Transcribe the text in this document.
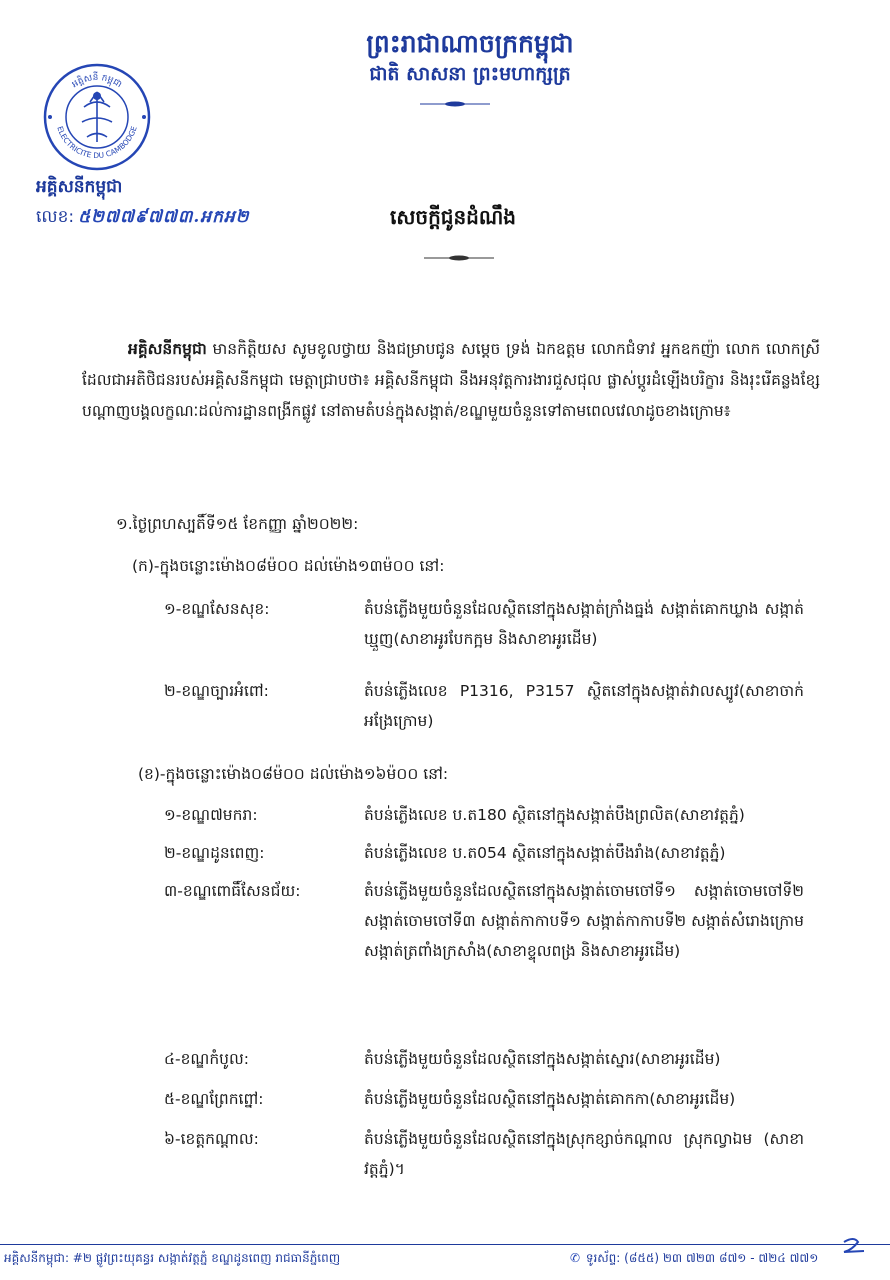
ព្រះរាជាណាចក្រកម្ពុជា
ជាតិ សាសនា ព្រះមហាក្សត្រ
អគ្គិសនី កម្ពុជា
ELECTRICITE DU CAMBODGE
អគ្គិសនីកម្ពុជា
លេខ: ៥២៧៧៩៧៧៣.អកអ២	សេចក្តីជូនដំណឹង
អគ្គិសនីកម្ពុជា មានកិត្តិយស សូមខូលថ្វាយ និងជម្រាបជូន សម្តេច ទ្រង់ ឯកឧត្តម លោកជំទាវ អ្នកឧកញ៉ា លោក លោកស្រី ដែលជាអតិថិជនរបស់អគ្គិសនីកម្ពុជា មេត្តាជ្រាបថា៖ អគ្គិសនីកម្ពុជា នឹងអនុវត្តការងារជួសជុល ផ្លាស់ប្តូរដំឡើងបរិក្ខារ និងរុះរើគន្លងខ្សែបណ្តាញបង្គលក្ខណៈដល់ការដ្ឋានពង្រីកផ្លូវ នៅតាមតំបន់ក្នុងសង្កាត់/ខណ្ឌមួយចំនួនទៅតាមពេលវេលាដូចខាងក្រោម៖
១.ថ្ងៃព្រហស្បតិ៍ទី១៥ ខែកញ្ញា ឆ្នាំ២០២២:
(ក)-ក្នុងចន្លោះម៉ោង០៨ម៉០០ ដល់ម៉ោង១៣ម៉០០ នៅ:
១-ខណ្ឌសែនសុខ:	តំបន់ភ្លើងមួយចំនួនដែលស្ថិតនៅក្នុងសង្កាត់ក្រាំងធ្នង់ សង្កាត់គោកឃ្លាង សង្កាត់ឃ្មួញ(សាខាអូរបែកក្អម និងសាខាអូរដើម)
២-ខណ្ឌច្បារអំពៅ:	តំបន់ភ្លើងលេខ P1316, P3157 ស្ថិតនៅក្នុងសង្កាត់វាលស្បូវ(សាខាចាក់អង្រែក្រោម)
(ខ)-ក្នុងចន្លោះម៉ោង០៨ម៉០០ ដល់ម៉ោង១៦ម៉០០ នៅ:
១-ខណ្ឌ៧មករា:	តំបន់ភ្លើងលេខ ប.ត180 ស្ថិតនៅក្នុងសង្កាត់បឹងព្រលិត(សាខាវត្តភ្នំ)
២-ខណ្ឌដូនពេញ:	តំបន់ភ្លើងលេខ ប.ត054 ស្ថិតនៅក្នុងសង្កាត់បឹងរាំង(សាខាវត្តភ្នំ)
៣-ខណ្ឌពោធិ៍សែនជ័យ:	តំបន់ភ្លើងមួយចំនួនដែលស្ថិតនៅក្នុងសង្កាត់ចោមចៅទី១ សង្កាត់ចោមចៅទី២ សង្កាត់ចោមចៅទី៣ សង្កាត់កាកាបទី១ សង្កាត់កាកាបទី២ សង្កាត់សំរោងក្រោម សង្កាត់ត្រពាំងក្រសាំង(សាខាខ្ទុលពង្រ និងសាខាអូរដើម)
៤-ខណ្ឌកំបូល:	តំបន់ភ្លើងមួយចំនួនដែលស្ថិតនៅក្នុងសង្កាត់ស្នោរ(សាខាអូរដើម)
៥-ខណ្ឌព្រែកព្នៅ:	តំបន់ភ្លើងមួយចំនួនដែលស្ថិតនៅក្នុងសង្កាត់គោកកា(សាខាអូរដើម)
៦-ខេត្តកណ្តាល:	តំបន់ភ្លើងមួយចំនួនដែលស្ថិតនៅក្នុងស្រុកខ្សាច់កណ្តាល ស្រុកល្វាឯម (សាខាវត្តភ្នំ)។
អគ្គិសនីកម្ពុជា: #២ ផ្លូវព្រះយុគន្ធរ សង្កាត់វត្តភ្នំ ខណ្ឌដូនពេញ រាជធានីភ្នំពេញ	✆ ទូរស័ព្ទ: (៨៥៥) ២៣ ៧២៣ ៨៧១ - ៧២៤ ៧៧១
